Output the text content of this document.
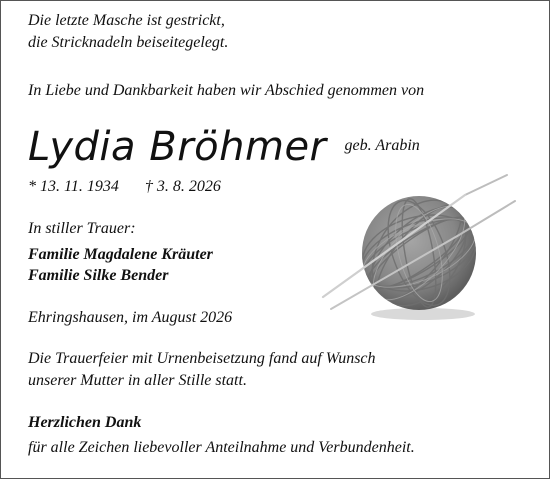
Die letzte Masche ist gestrickt,
die Stricknadeln beiseitegelegt.
In Liebe und Dankbarkeit haben wir Abschied genommen von
Lydia Bröhmer geb. Arabin
* 13. 11. 1934 † 3. 8. 2026
In stiller Trauer:
Familie Magdalene Kräuter
Familie Silke Bender
Ehringshausen, im August 2026
Die Trauerfeier mit Urnenbeisetzung fand auf Wunsch
unserer Mutter in aller Stille statt.
Herzlichen Dank
für alle Zeichen liebevoller Anteilnahme und Verbundenheit.
